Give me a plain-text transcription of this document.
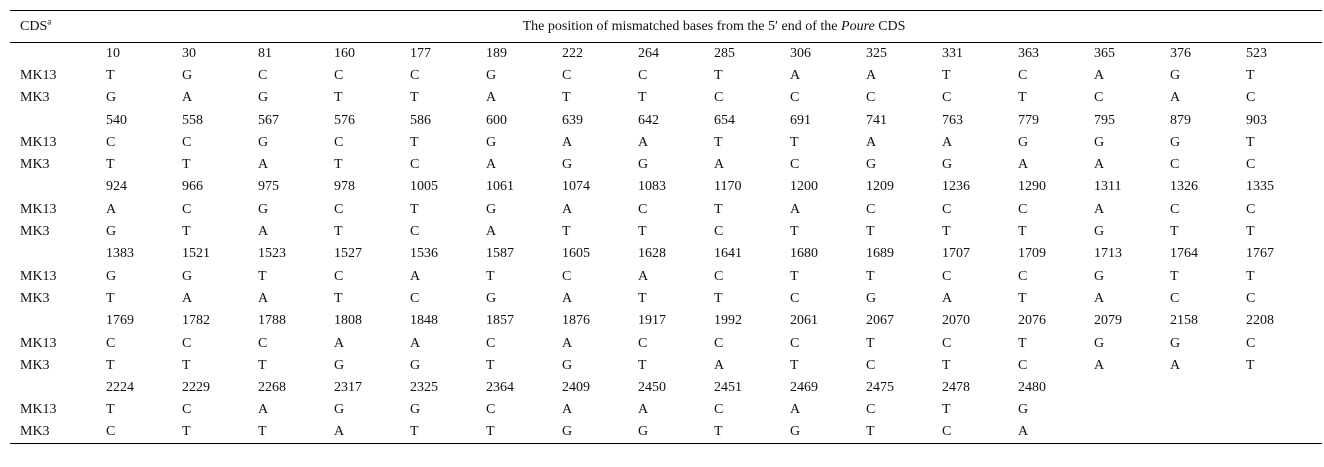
CDS$^a$	The position of mismatched bases from the 5′ end of the Poure CDS															
	10	30	81	160	177	189	222	264	285	306	325	331	363	365	376	523
MK13	T	G	C	C	C	G	C	C	T	A	A	T	C	A	G	T
MK3	G	A	G	T	T	A	T	T	C	C	C	C	T	C	A	C
	540	558	567	576	586	600	639	642	654	691	741	763	779	795	879	903
MK13	C	C	G	C	T	G	A	A	T	T	A	A	G	G	G	T
MK3	T	T	A	T	C	A	G	G	A	C	G	G	A	A	C	C
	924	966	975	978	1005	1061	1074	1083	1170	1200	1209	1236	1290	1311	1326	1335
MK13	A	C	G	C	T	G	A	C	T	A	C	C	C	A	C	C
MK3	G	T	A	T	C	A	T	T	C	T	T	T	T	G	T	T
	1383	1521	1523	1527	1536	1587	1605	1628	1641	1680	1689	1707	1709	1713	1764	1767
MK13	G	G	T	C	A	T	C	A	C	T	T	C	C	G	T	T
MK3	T	A	A	T	C	G	A	T	T	C	G	A	T	A	C	C
	1769	1782	1788	1808	1848	1857	1876	1917	1992	2061	2067	2070	2076	2079	2158	2208
MK13	C	C	C	A	A	C	A	C	C	C	T	C	T	G	G	C
MK3	T	T	T	G	G	T	G	T	A	T	C	T	C	A	A	T
	2224	2229	2268	2317	2325	2364	2409	2450	2451	2469	2475	2478	2480			
MK13	T	C	A	G	G	C	A	A	C	A	C	T	G			
MK3	C	T	T	A	T	T	G	G	T	G	T	C	A			
